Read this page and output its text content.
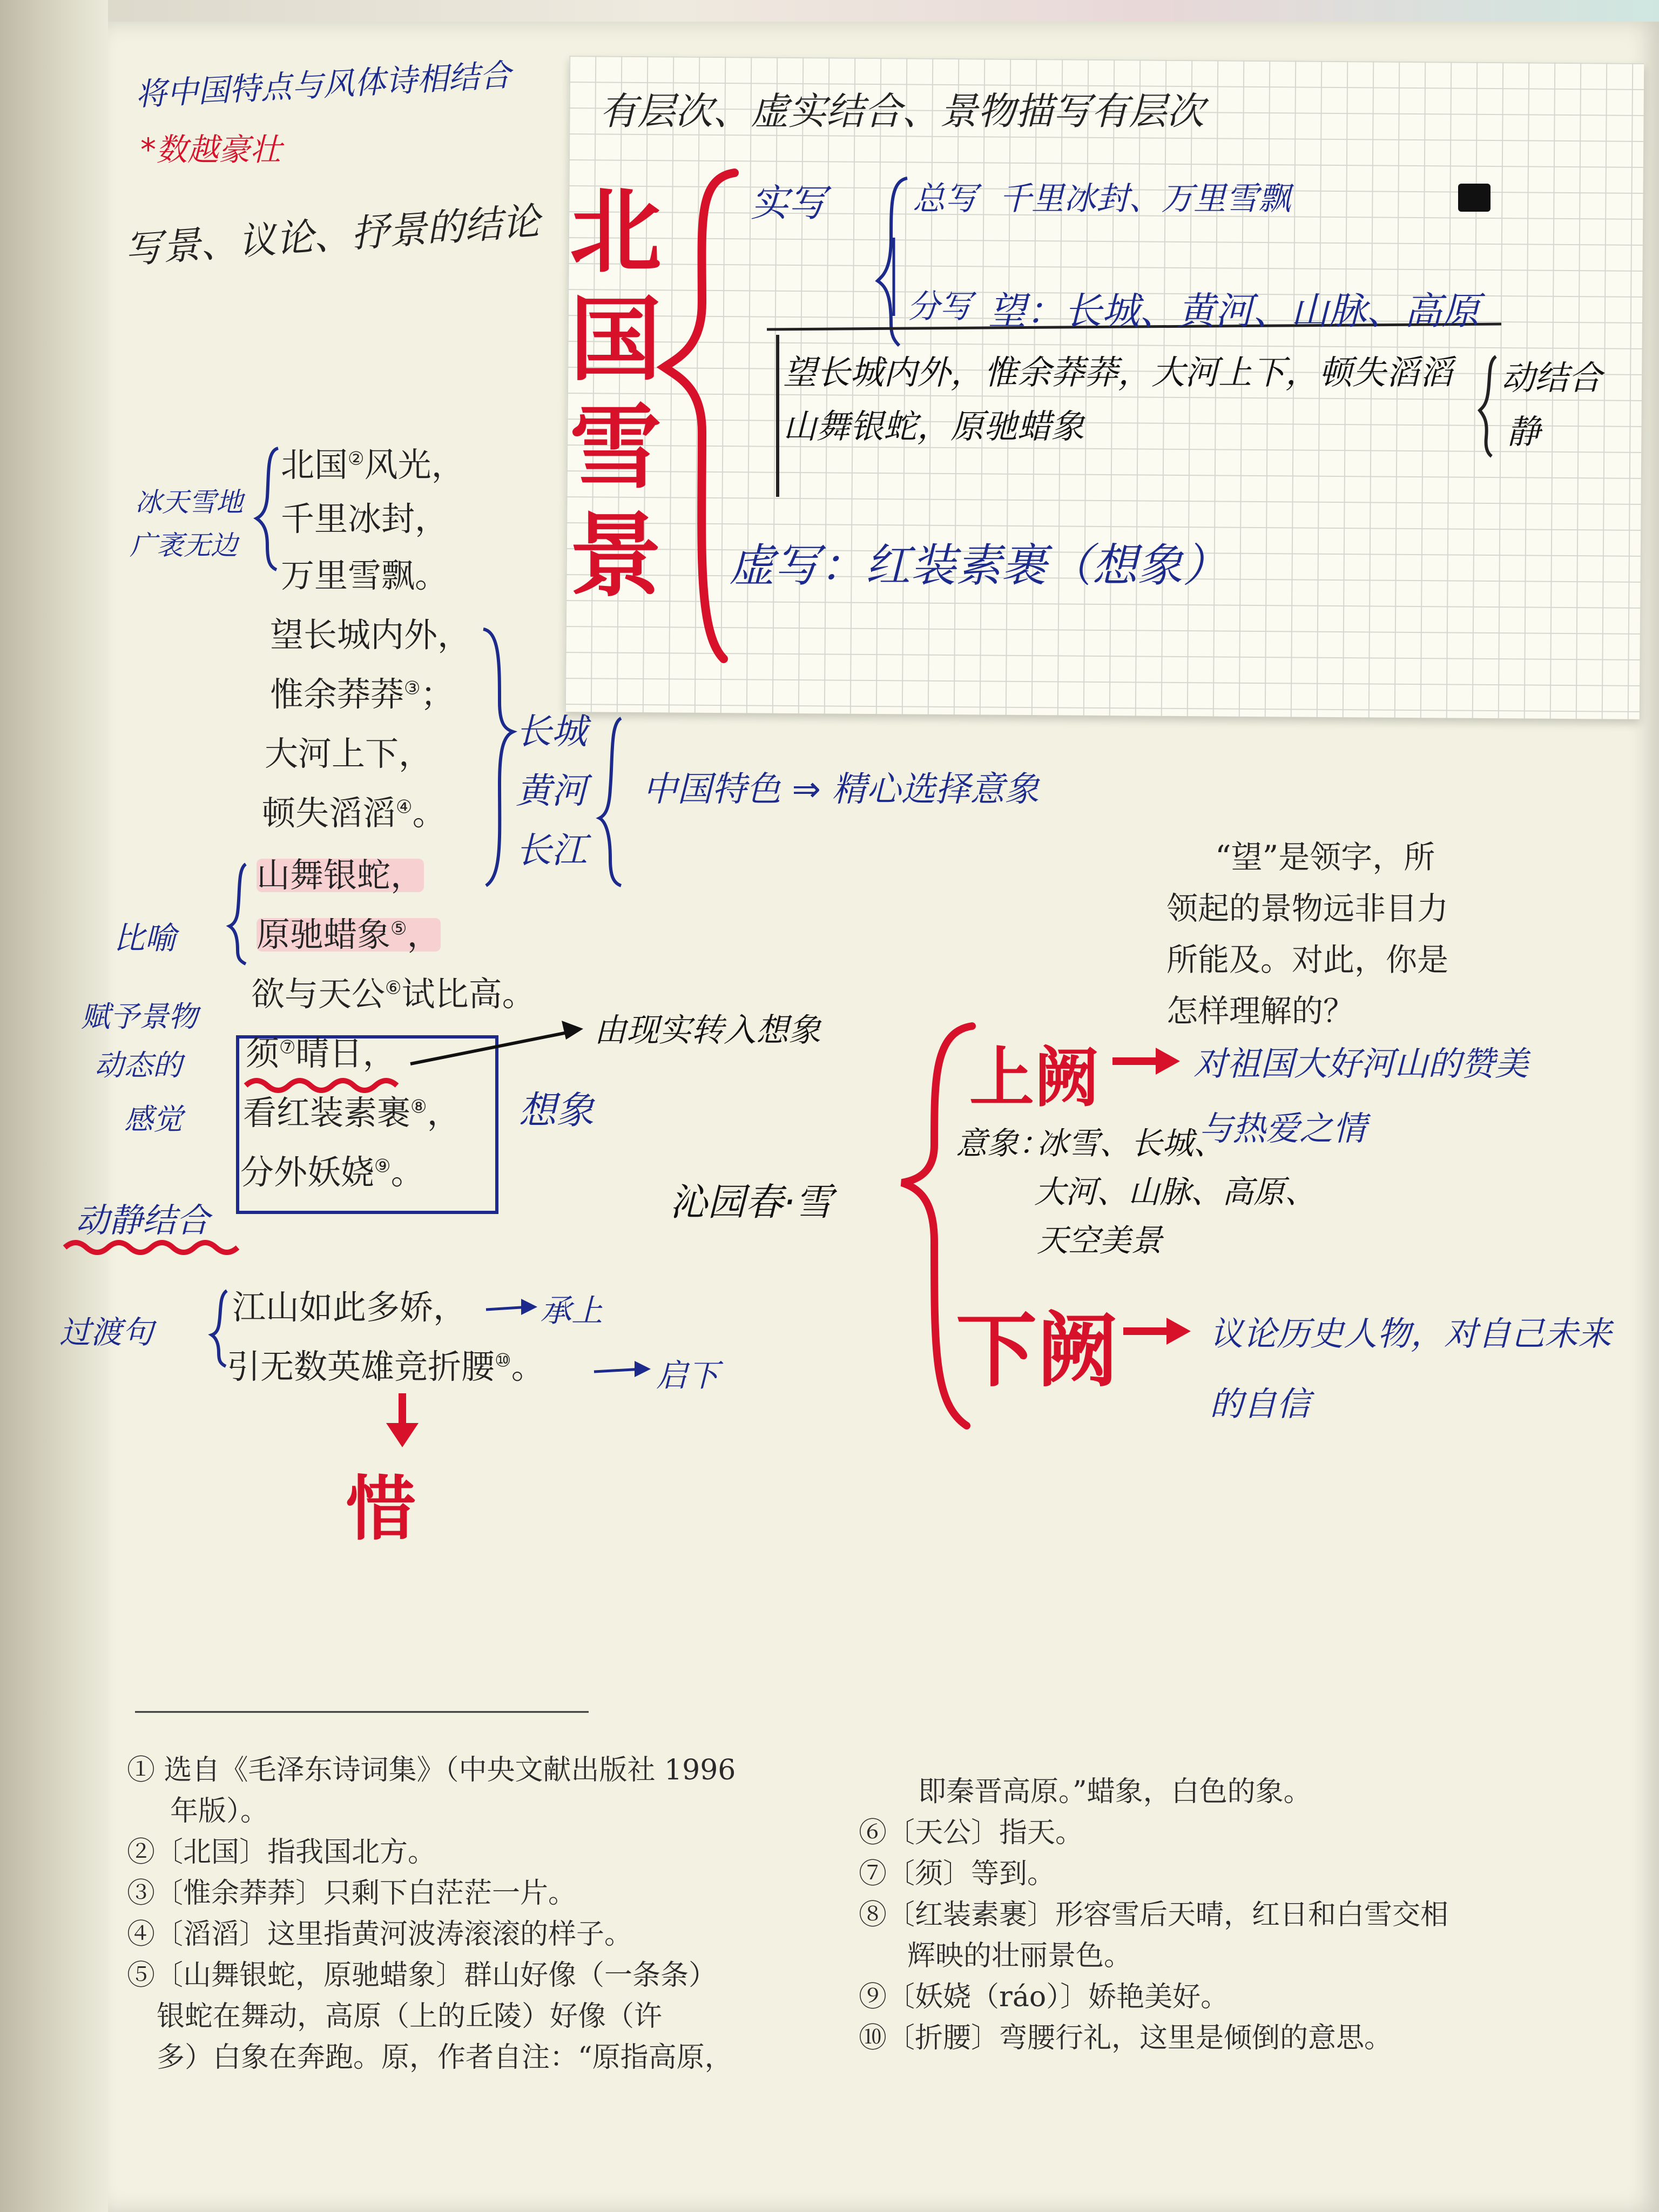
将中国特点与风体诗相结合
*数越豪壮
写景、议论、抒景的结论
有层次、虚实结合、景物描写有层次
北
国
雪
景
实写	总写 千里冰封、万里雪飘
分写 望：长城、黄河、山脉、高原
望长城内外，惟余莽莽，大河上下，顿失滔滔
山舞银蛇，原驰蜡象
动结合
静
虚写：红装素裹（想象）
冰天雪地
广袤无边
北国②风光，
千里冰封，
万里雪飘。
望长城内外，
惟余莽莽③；
大河上下，
顿失滔滔④。
山舞银蛇，
原驰蜡象⑤，
欲与天公⑥试比高。
须⑦晴日，
看红装素裹⑧，
分外妖娆⑨。
江山如此多娇，
引无数英雄竞折腰⑩。
长城
黄河
长江
中国特色 ⇒ 精心选择意象
比喻
赋予景物
动态的
感觉
动静结合
过渡句
由现实转入想象
想象
承上
启下
惜
“望”是领字，所
领起的景物远非目力
所能及。对此，你是
怎样理解的？
沁园春·雪
上阙	对祖国大好河山的赞美
与热爱之情
意象：
冰雪、长城、
大河、山脉、高原、
天空美景
下阙	议论历史人物，对自己未来
的自信
① 选自《毛泽东诗词集》（中央文献出版社 1996
年版）。
②〔北国〕指我国北方。
③〔惟余莽莽〕只剩下白茫茫一片。
④〔滔滔〕这里指黄河波涛滚滚的样子。
⑤〔山舞银蛇，原驰蜡象〕群山好像（一条条）
银蛇在舞动，高原（上的丘陵）好像（许
多）白象在奔跑。原，作者自注：“原指高原，
即秦晋高原。”蜡象，白色的象。
⑥〔天公〕指天。
⑦〔须〕等到。
⑧〔红装素裹〕形容雪后天晴，红日和白雪交相
辉映的壮丽景色。
⑨〔妖娆（ráo）〕娇艳美好。
⑩〔折腰〕弯腰行礼，这里是倾倒的意思。
